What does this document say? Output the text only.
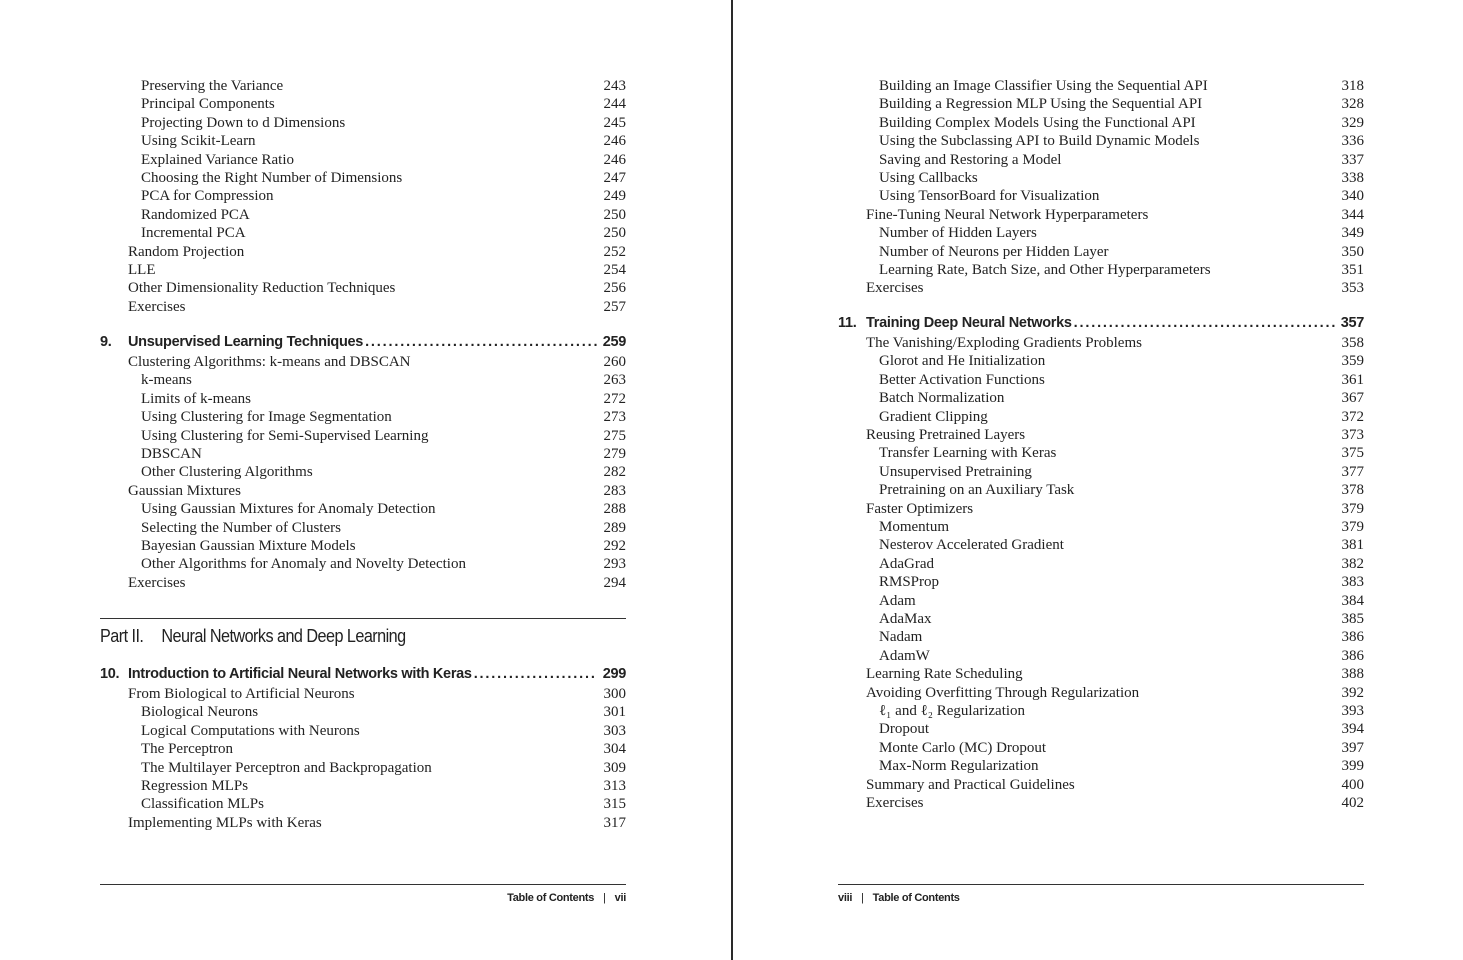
Preserving the Variance	243
Principal Components	244
Projecting Down to d Dimensions	245
Using Scikit-Learn	246
Explained Variance Ratio	246
Choosing the Right Number of Dimensions	247
PCA for Compression	249
Randomized PCA	250
Incremental PCA	250
Random Projection	252
LLE	254
Other Dimensionality Reduction Techniques	256
Exercises	257
9.	Unsupervised Learning Techniques . . .	259
Clustering Algorithms: k-means and DBSCAN	260
k-means	263
Limits of k-means	272
Using Clustering for Image Segmentation	273
Using Clustering for Semi-Supervised Learning	275
DBSCAN	279
Other Clustering Algorithms	282
Gaussian Mixtures	283
Using Gaussian Mixtures for Anomaly Detection	288
Selecting the Number of Clusters	289
Bayesian Gaussian Mixture Models	292
Other Algorithms for Anomaly and Novelty Detection	293
Exercises	294
Part II. Neural Networks and Deep Learning
10. Introduction to Artificial Neural Networks with Keras . . .	299
From Biological to Artificial Neurons	300
Biological Neurons	301
Logical Computations with Neurons	303
The Perceptron	304
The Multilayer Perceptron and Backpropagation	309
Regression MLPs	313
Classification MLPs	315
Implementing MLPs with Keras	317
Table of Contents | vii
Building an Image Classifier Using the Sequential API	318
Building a Regression MLP Using the Sequential API	328
Building Complex Models Using the Functional API	329
Using the Subclassing API to Build Dynamic Models	336
Saving and Restoring a Model	337
Using Callbacks	338
Using TensorBoard for Visualization	340
Fine-Tuning Neural Network Hyperparameters	344
Number of Hidden Layers	349
Number of Neurons per Hidden Layer	350
Learning Rate, Batch Size, and Other Hyperparameters	351
Exercises	353
11. Training Deep Neural Networks . . .	357
The Vanishing/Exploding Gradients Problems	358
Glorot and He Initialization	359
Better Activation Functions	361
Batch Normalization	367
Gradient Clipping	372
Reusing Pretrained Layers	373
Transfer Learning with Keras	375
Unsupervised Pretraining	377
Pretraining on an Auxiliary Task	378
Faster Optimizers	379
Momentum	379
Nesterov Accelerated Gradient	381
AdaGrad	382
RMSProp	383
Adam	384
AdaMax	385
Nadam	386
AdamW	386
Learning Rate Scheduling	388
Avoiding Overfitting Through Regularization	392
ℓ₁ and ℓ₂ Regularization	393
Dropout	394
Monte Carlo (MC) Dropout	397
Max-Norm Regularization	399
Summary and Practical Guidelines	400
Exercises	402
viii | Table of Contents
